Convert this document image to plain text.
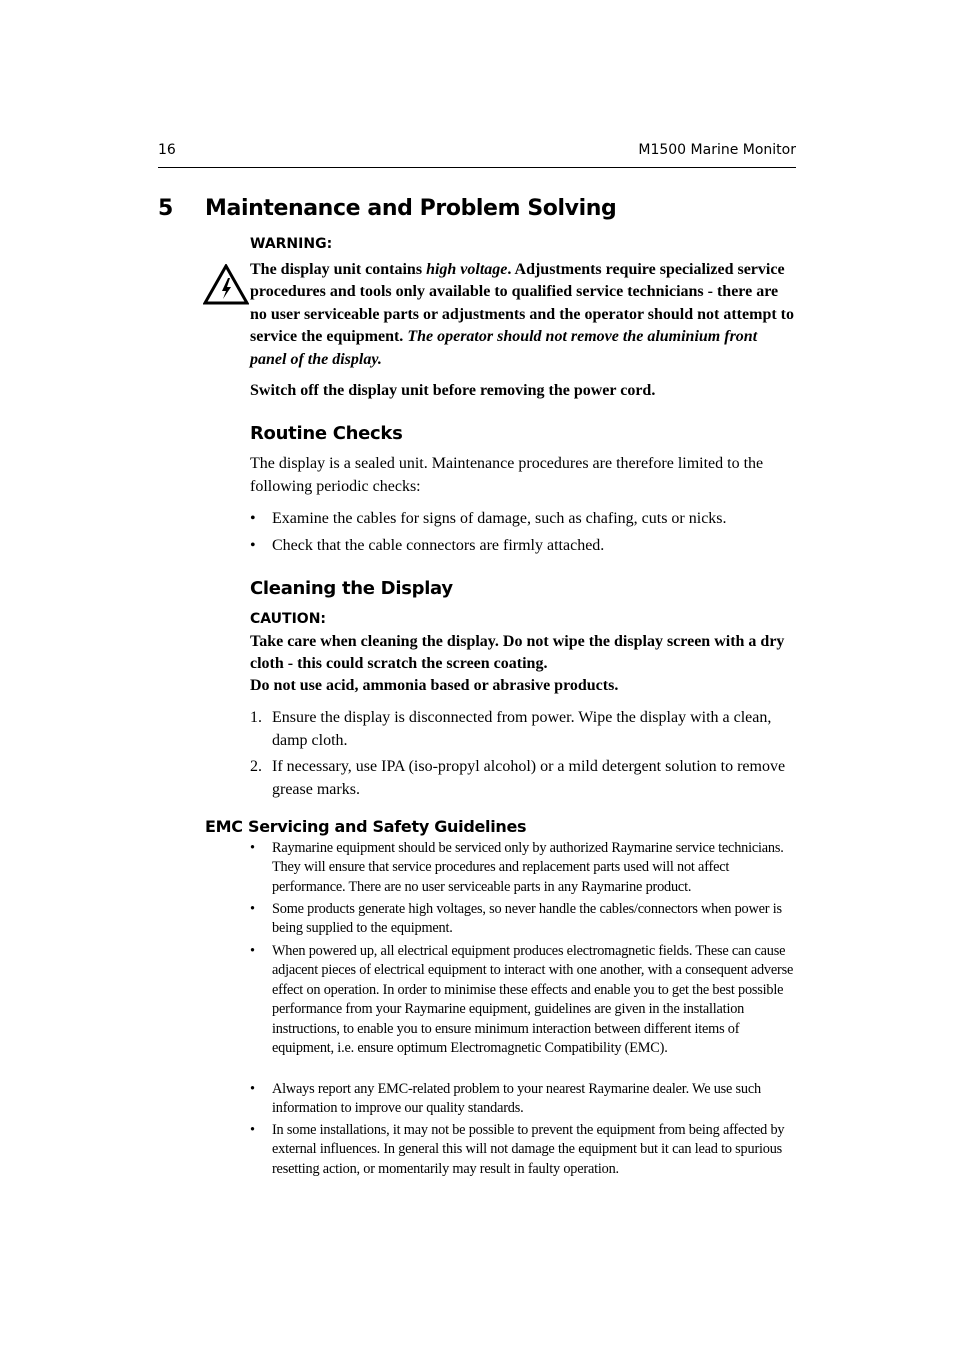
16	M1500 Marine Monitor
5 Maintenance and Problem Solving
WARNING:
The display unit contains high voltage. Adjustments require specialized service procedures and tools only available to qualified service technicians - there are no user serviceable parts or adjustments and the operator should not attempt to service the equipment. The operator should not remove the aluminium front panel of the display.
Switch off the display unit before removing the power cord.
Routine Checks
The display is a sealed unit. Maintenance procedures are therefore limited to the following periodic checks:
• Examine the cables for signs of damage, such as chafing, cuts or nicks.
• Check that the cable connectors are firmly attached.
Cleaning the Display
CAUTION:
Take care when cleaning the display. Do not wipe the display screen with a dry cloth - this could scratch the screen coating.
Do not use acid, ammonia based or abrasive products.
1. Ensure the display is disconnected from power. Wipe the display with a clean, damp cloth.
2. If necessary, use IPA (iso-propyl alcohol) or a mild detergent solution to remove grease marks.
EMC Servicing and Safety Guidelines
• Raymarine equipment should be serviced only by authorized Raymarine service technicians. They will ensure that service procedures and replacement parts used will not affect performance. There are no user serviceable parts in any Raymarine product.
• Some products generate high voltages, so never handle the cables/connectors when power is being supplied to the equipment.
• When powered up, all electrical equipment produces electromagnetic fields. These can cause adjacent pieces of electrical equipment to interact with one another, with a consequent adverse effect on operation. In order to minimise these effects and enable you to get the best possible performance from your Raymarine equipment, guidelines are given in the installation instructions, to enable you to ensure minimum interaction between different items of equipment, i.e. ensure optimum Electromagnetic Compatibility (EMC).
• Always report any EMC-related problem to your nearest Raymarine dealer. We use such information to improve our quality standards.
• In some installations, it may not be possible to prevent the equipment from being affected by external influences. In general this will not damage the equipment but it can lead to spurious resetting action, or momentarily may result in faulty operation.
